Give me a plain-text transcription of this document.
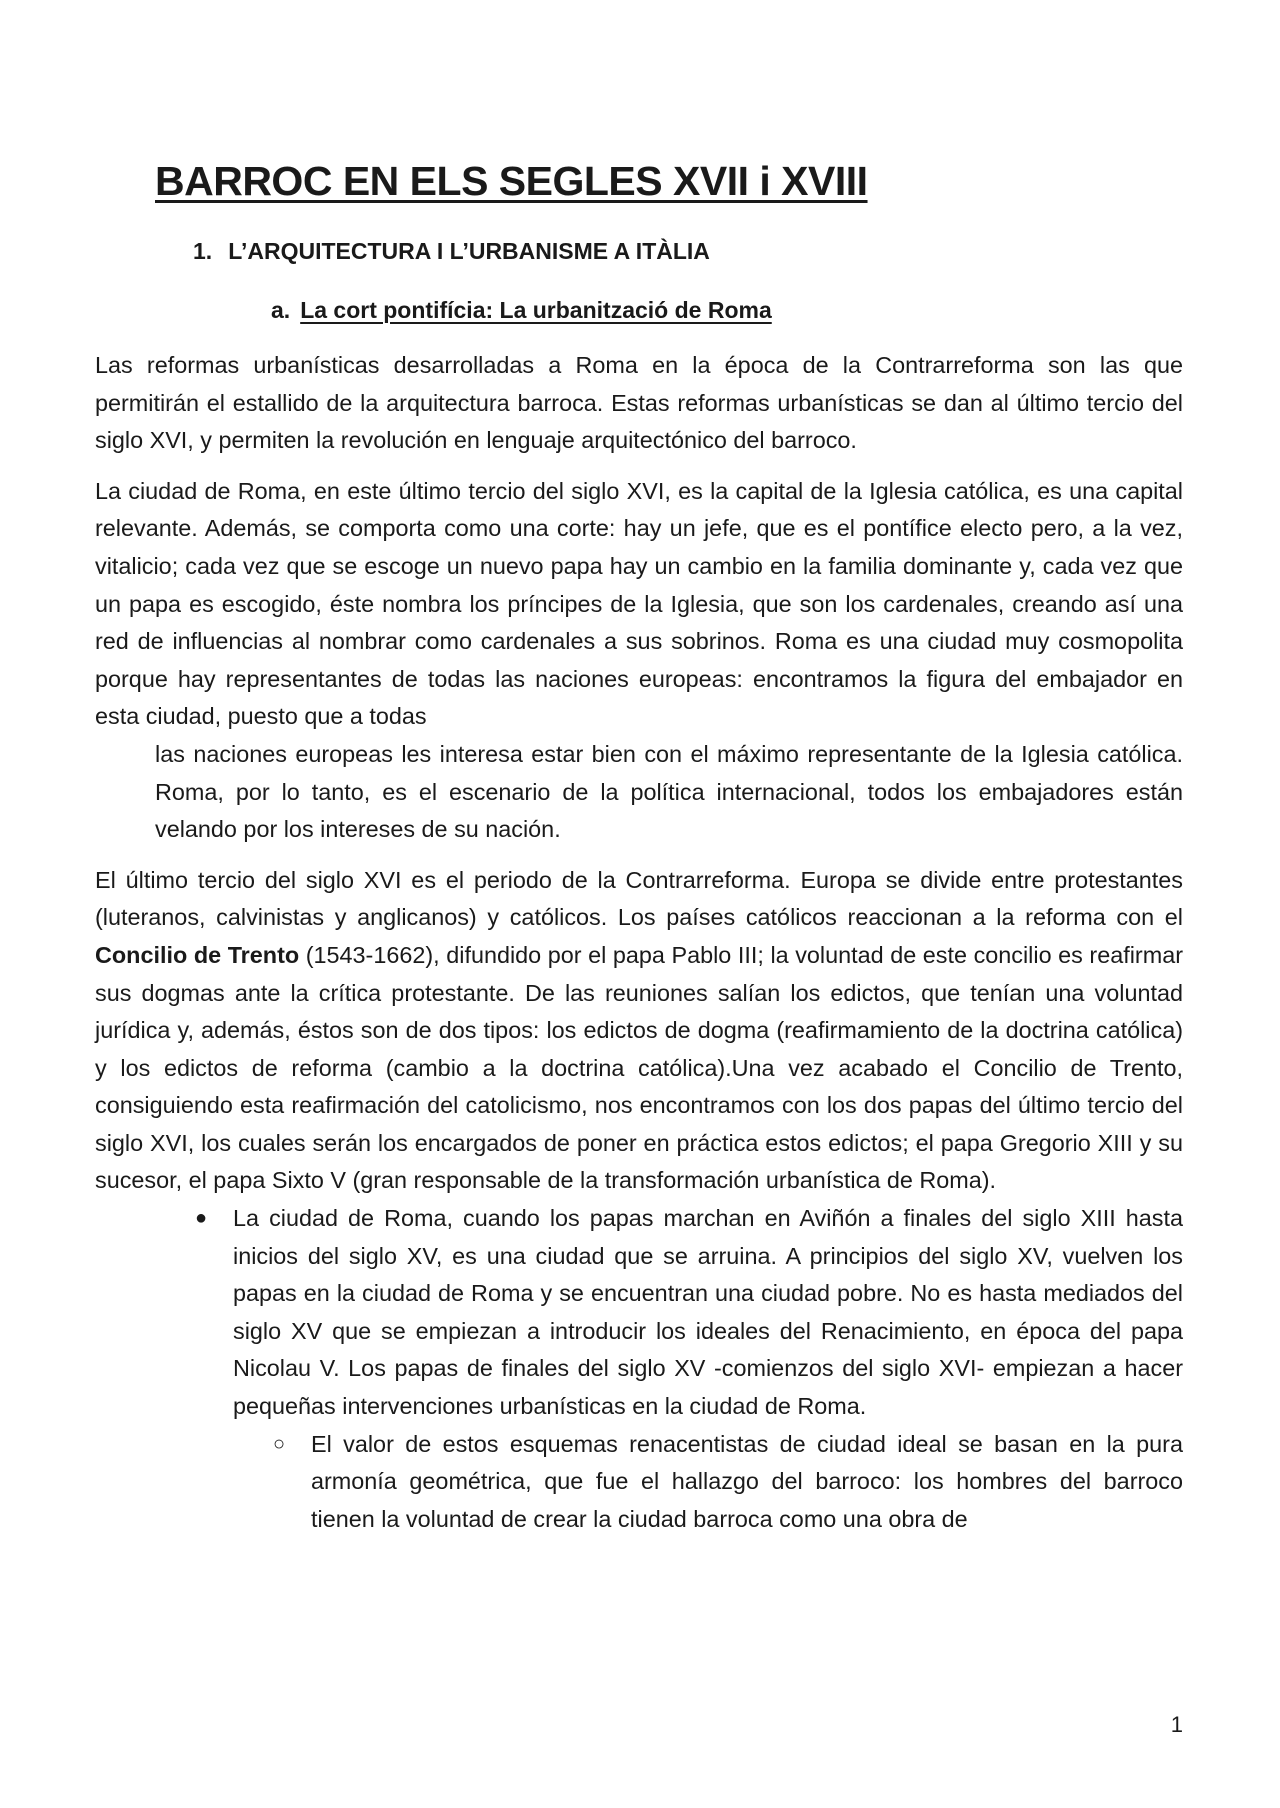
BARROC EN ELS SEGLES XVII i XVIII
1. L’ARQUITECTURA I L’URBANISME A ITÀLIA
a. La cort pontifícia: La urbanització de Roma

Las reformas urbanísticas desarrolladas a Roma en la época de la Contrarreforma son las que permitirán el estallido de la arquitectura barroca. Estas reformas urbanísticas se dan al último tercio del siglo XVI, y permiten la revolución en lenguaje arquitectónico del barroco.

La ciudad de Roma, en este último tercio del siglo XVI, es la capital de la Iglesia católica, es una capital relevante. Además, se comporta como una corte: hay un jefe, que es el pontífice electo pero, a la vez, vitalicio; cada vez que se escoge un nuevo papa hay un cambio en la familia dominante y, cada vez que un papa es escogido, éste nombra los príncipes de la Iglesia, que son los cardenales, creando así una red de influencias al nombrar como cardenales a sus sobrinos. Roma es una ciudad muy cosmopolita porque hay representantes de todas las naciones europeas: encontramos la figura del embajador en esta ciudad, puesto que a todas

las naciones europeas les interesa estar bien con el máximo representante de la Iglesia católica. Roma, por lo tanto, es el escenario de la política internacional, todos los embajadores están velando por los intereses de su nación.

El último tercio del siglo XVI es el periodo de la Contrarreforma. Europa se divide entre protestantes (luteranos, calvinistas y anglicanos) y católicos. Los países católicos reaccionan a la reforma con el Concilio de Trento (1543-1662), difundido por el papa Pablo III; la voluntad de este concilio es reafirmar sus dogmas ante la crítica protestante. De las reuniones salían los edictos, que tenían una voluntad jurídica y, además, éstos son de dos tipos: los edictos de dogma (reafirmamiento de la doctrina católica) y los edictos de reforma (cambio a la doctrina católica).Una vez acabado el Concilio de Trento, consiguiendo esta reafirmación del catolicismo, nos encontramos con los dos papas del último tercio del siglo XVI, los cuales serán los encargados de poner en práctica estos edictos; el papa Gregorio XIII y su sucesor, el papa Sixto V (gran responsable de la transformación urbanística de Roma).

● La ciudad de Roma, cuando los papas marchan en Aviñón a finales del siglo XIII hasta inicios del siglo XV, es una ciudad que se arruina. A principios del siglo XV, vuelven los papas en la ciudad de Roma y se encuentran una ciudad pobre. No es hasta mediados del siglo XV que se empiezan a introducir los ideales del Renacimiento, en época del papa Nicolau V. Los papas de finales del siglo XV -comienzos del siglo XVI- empiezan a hacer pequeñas intervenciones urbanísticas en la ciudad de Roma.
○ El valor de estos esquemas renacentistas de ciudad ideal se basan en la pura armonía geométrica, que fue el hallazgo del barroco: los hombres del barroco tienen la voluntad de crear la ciudad barroca como una obra de
1
